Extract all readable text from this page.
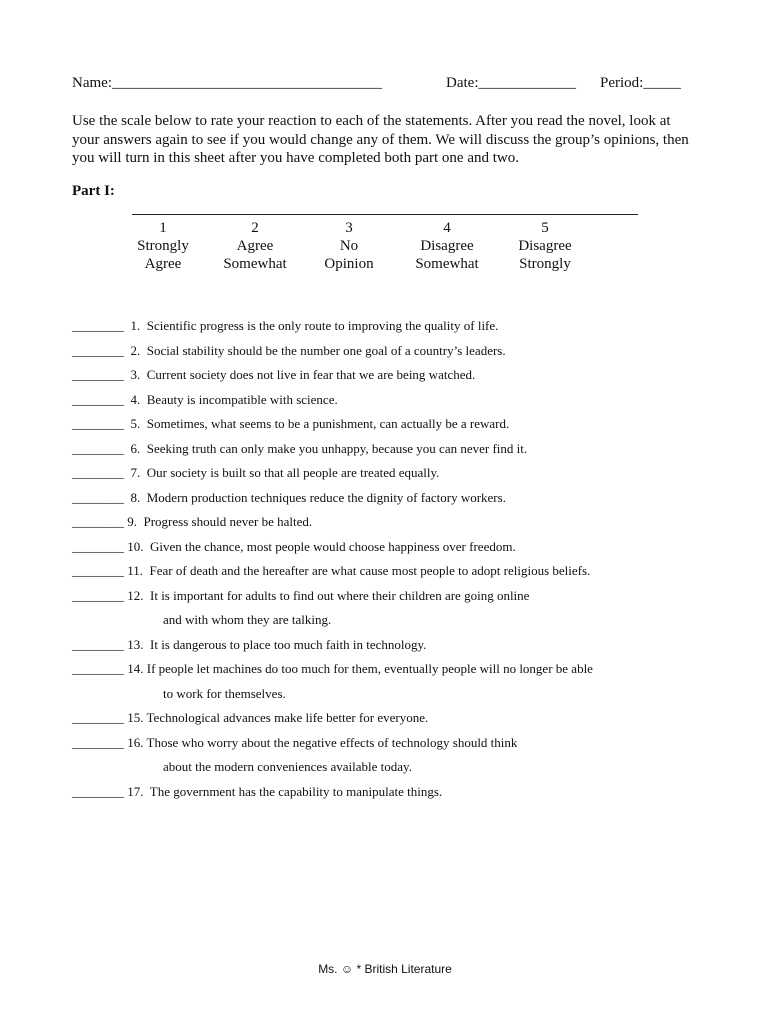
Name:____________________________________

	Date:_____________

Period:_____

Use the scale below to rate your reaction to each of the statements. After you read the novel, look at your answers again to see if you would change any of them. We will discuss the group’s opinions, then you will turn in this sheet after you have completed both part one and two.
Part I:
1
Strongly
Agree
2
Agree
Somewhat
3
No
Opinion
4
Disagree
Somewhat
5
Disagree
Strongly
________  1.  Scientific progress is the only route to improving the quality of life.
________  2.  Social stability should be the number one goal of a country’s leaders.
________  3.  Current society does not live in fear that we are being watched.
________  4.  Beauty is incompatible with science.
________  5.  Sometimes, what seems to be a punishment, can actually be a reward.
________  6.  Seeking truth can only make you unhappy, because you can never find it.
________  7.  Our society is built so that all people are treated equally.
________  8.  Modern production techniques reduce the dignity of factory workers.
________ 9.  Progress should never be halted.
________ 10.  Given the chance, most people would choose happiness over freedom.
________ 11.  Fear of death and the hereafter are what cause most people to adopt religious beliefs.
________ 12.  It is important for adults to find out where their children are going online
and with whom they are talking.
________ 13.  It is dangerous to place too much faith in technology.
________ 14. If people let machines do too much for them, eventually people will no longer be able
to work for themselves.
________ 15. Technological advances make life better for everyone.
________ 16. Those who worry about the negative effects of technology should think
about the modern conveniences available today.
________ 17.  The government has the capability to manipulate things.
Ms. ☺ * British Literature
